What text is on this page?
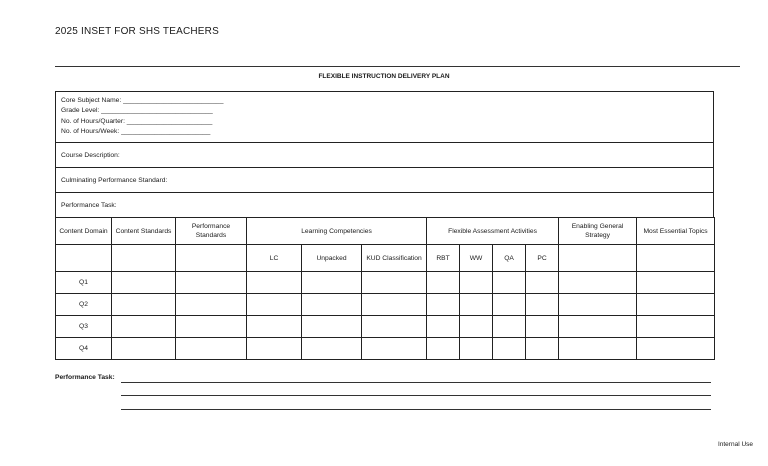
2025 INSET FOR SHS TEACHERS
FLEXIBLE INSTRUCTION DELIVERY PLAN
Core Subject Name: ___________________________
Grade Level: ______________________________
No. of Hours/Quarter: _______________________
No. of Hours/Week: ________________________
Course Description:
Culminating Performance Standard:
Performance Task:
Content Domain	Content Standards	Performance Standards	Learning Competencies			Flexible Assessment Activities				Enabling General Strategy	Most Essential Topics
			LC	Unpacked	KUD Classification	RBT	WW	QA	PC		
Q1											
Q2											
Q3											
Q4											
Performance Task:
Internal Use
